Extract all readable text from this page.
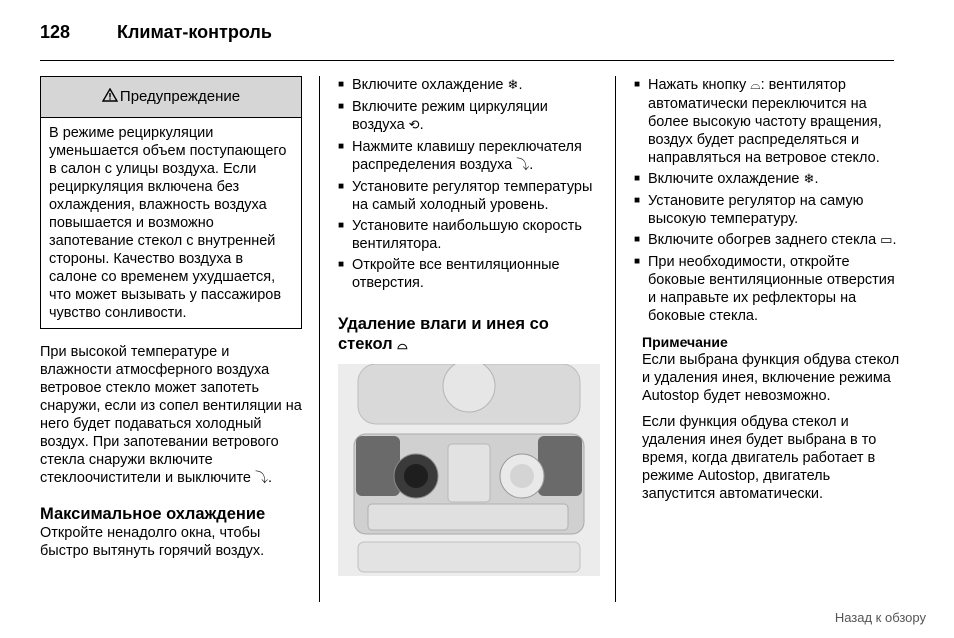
128	Климат-контроль
Предупреждение
В режиме рециркуляции уменьшается объем поступающего в салон с улицы воздуха. Если рециркуляция включена без охлаждения, влажность воздуха повышается и возможно запотевание стекол с внутренней стороны. Качество воздуха в салоне со временем ухудшается, что может вызывать у пассажиров чувство сонливости.

При высокой температуре и влажности атмосферного воздуха ветровое стекло может запотеть снаружи, если из сопел вентиляции на него будет подаваться холодный воздух. При запотевании ветрового стекла снаружи включите стеклоочистители и выключите ⤵.

Максимальное охлаждение

Откройте ненадолго окна, чтобы быстро вытянуть горячий воздух.

■ Включите охлаждение ❄.
■ Включите режим циркуляции воздуха ⟲.
■ Нажмите клавишу переключателя распределения воздуха ⤵.
■ Установите регулятор температуры на самый холодный уровень.
■ Установите наибольшую скорость вентилятора.
■ Откройте все вентиляционные отверстия.

Удаление влаги и инея со стекол ⌓

■ Нажать кнопку ⌓: вентилятор автоматически переключится на более высокую частоту вращения, воздух будет распределяться и направляться на ветровое стекло.
■ Включите охлаждение ❄.
■ Установите регулятор на самую высокую температуру.
■ Включите обогрев заднего стекла ▭.
■ При необходимости, откройте боковые вентиляционные отверстия и направьте их рефлекторы на боковые стекла.

Примечание

Если выбрана функция обдува стекол и удаления инея, включение режима Autostop будет невозможно.

Если функция обдува стекол и удаления инея будет выбрана в то время, когда двигатель работает в режиме Autostop, двигатель запустится автоматически.

Назад к обзору
